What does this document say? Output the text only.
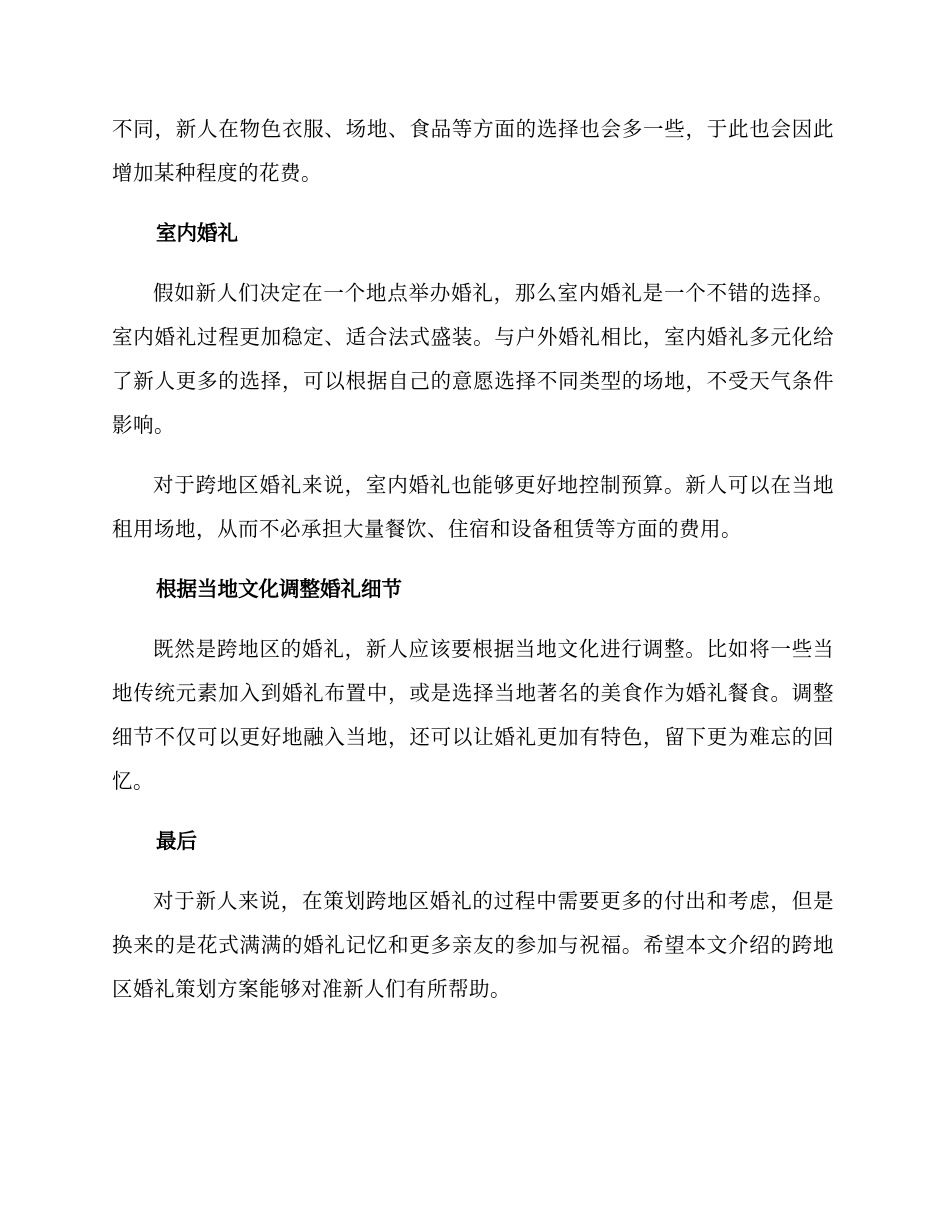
不同，新人在物色衣服、场地、食品等方面的选择也会多一些，于此也会因此增加某种程度的花费。

室内婚礼

假如新人们决定在一个地点举办婚礼，那么室内婚礼是一个不错的选择。室内婚礼过程更加稳定、适合法式盛装。与户外婚礼相比，室内婚礼多元化给了新人更多的选择，可以根据自己的意愿选择不同类型的场地，不受天气条件影响。

对于跨地区婚礼来说，室内婚礼也能够更好地控制预算。新人可以在当地租用场地，从而不必承担大量餐饮、住宿和设备租赁等方面的费用。

根据当地文化调整婚礼细节

既然是跨地区的婚礼，新人应该要根据当地文化进行调整。比如将一些当地传统元素加入到婚礼布置中，或是选择当地著名的美食作为婚礼餐食。调整细节不仅可以更好地融入当地，还可以让婚礼更加有特色，留下更为难忘的回忆。

最后

对于新人来说，在策划跨地区婚礼的过程中需要更多的付出和考虑，但是换来的是花式满满的婚礼记忆和更多亲友的参加与祝福。希望本文介绍的跨地区婚礼策划方案能够对准新人们有所帮助。
